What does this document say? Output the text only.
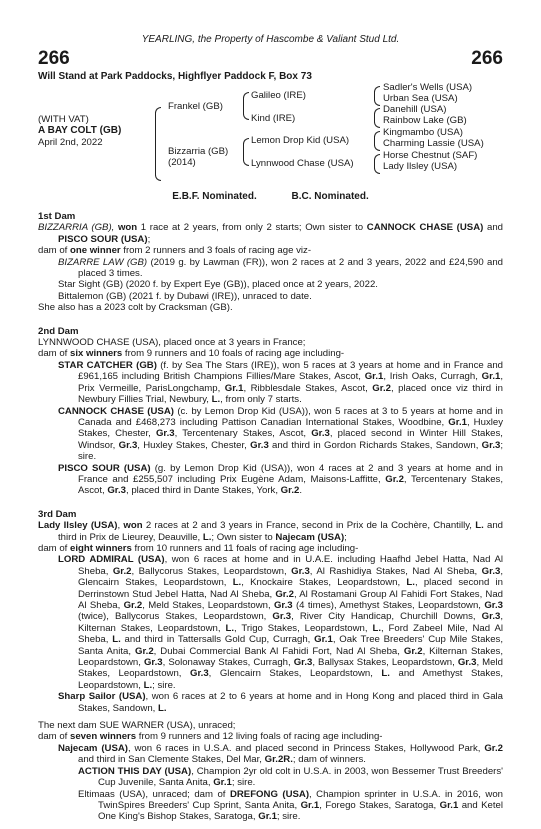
YEARLING, the Property of Hascombe & Valiant Stud Ltd.
266	266
Will Stand at Park Paddocks, Highflyer Paddock F, Box 73
(WITH VAT)
A BAY COLT (GB)
April 2nd, 2022
Frankel (GB)
Bizzarria (GB)
(2014)
Galileo (IRE)
Kind (IRE)
Lemon Drop Kid (USA)
Lynnwood Chase (USA)
Sadler's Wells (USA)
Urban Sea (USA)
Danehill (USA)
Rainbow Lake (GB)
Kingmambo (USA)
Charming Lassie (USA)
Horse Chestnut (SAF)
Lady Ilsley (USA)
E.B.F. Nominated.	B.C. Nominated.
1st Dam
BIZZARRIA (GB), won 1 race at 2 years, from only 2 starts; Own sister to CANNOCK CHASE (USA) and PISCO SOUR (USA);
dam of one winner from 2 runners and 3 foals of racing age viz-
BIZARRE LAW (GB) (2019 g. by Lawman (FR)), won 2 races at 2 and 3 years, 2022 and £24,590 and placed 3 times.
Star Sight (GB) (2020 f. by Expert Eye (GB)), placed once at 2 years, 2022.
Bittalemon (GB) (2021 f. by Dubawi (IRE)), unraced to date.
She also has a 2023 colt by Cracksman (GB).
2nd Dam
LYNNWOOD CHASE (USA), placed once at 3 years in France;
dam of six winners from 9 runners and 10 foals of racing age including-
STAR CATCHER (GB) (f. by Sea The Stars (IRE)), won 5 races at 3 years at home and in France and £961,165 including British Champions Fillies/Mare Stakes, Ascot, Gr.1, Irish Oaks, Curragh, Gr.1, Prix Vermeille, ParisLongchamp, Gr.1, Ribblesdale Stakes, Ascot, Gr.2, placed once viz third in Newbury Fillies Trial, Newbury, L., from only 7 starts.
CANNOCK CHASE (USA) (c. by Lemon Drop Kid (USA)), won 5 races at 3 to 5 years at home and in Canada and £468,273 including Pattison Canadian International Stakes, Woodbine, Gr.1, Huxley Stakes, Chester, Gr.3, Tercentenary Stakes, Ascot, Gr.3, placed second in Winter Hill Stakes, Windsor, Gr.3, Huxley Stakes, Chester, Gr.3 and third in Gordon Richards Stakes, Sandown, Gr.3; sire.
PISCO SOUR (USA) (g. by Lemon Drop Kid (USA)), won 4 races at 2 and 3 years at home and in France and £255,507 including Prix Eugène Adam, Maisons-Laffitte, Gr.2, Tercentenary Stakes, Ascot, Gr.3, placed third in Dante Stakes, York, Gr.2.
3rd Dam
Lady Ilsley (USA), won 2 races at 2 and 3 years in France, second in Prix de la Cochère, Chantilly, L. and third in Prix de Lieurey, Deauville, L.; Own sister to Najecam (USA);
dam of eight winners from 10 runners and 11 foals of racing age including-
LORD ADMIRAL (USA), won 6 races at home and in U.A.E. including Haafhd Jebel Hatta, Nad Al Sheba, Gr.2, Ballycorus Stakes, Leopardstown, Gr.3, Al Rashidiya Stakes, Nad Al Sheba, Gr.3, Glencairn Stakes, Leopardstown, L., Knockaire Stakes, Leopardstown, L., placed second in Derrinstown Stud Jebel Hatta, Nad Al Sheba, Gr.2, Al Rostamani Group Al Fahidi Fort Stakes, Nad Al Sheba, Gr.2, Meld Stakes, Leopardstown, Gr.3 (4 times), Amethyst Stakes, Leopardstown, Gr.3 (twice), Ballycorus Stakes, Leopardstown, Gr.3, River City Handicap, Churchill Downs, Gr.3, Kilternan Stakes, Leopardstown, L., Trigo Stakes, Leopardstown, L., Ford Zabeel Mile, Nad Al Sheba, L. and third in Tattersalls Gold Cup, Curragh, Gr.1, Oak Tree Breeders' Cup Mile Stakes, Santa Anita, Gr.2, Dubai Commercial Bank Al Fahidi Fort, Nad Al Sheba, Gr.2, Kilternan Stakes, Leopardstown, Gr.3, Solonaway Stakes, Curragh, Gr.3, Ballysax Stakes, Leopardstown, Gr.3, Meld Stakes, Leopardstown, Gr.3, Glencairn Stakes, Leopardstown, L. and Amethyst Stakes, Leopardstown, L.; sire.
Sharp Sailor (USA), won 6 races at 2 to 6 years at home and in Hong Kong and placed third in Gala Stakes, Sandown, L.
The next dam SUE WARNER (USA), unraced;
dam of seven winners from 9 runners and 12 living foals of racing age including-
Najecam (USA), won 6 races in U.S.A. and placed second in Princess Stakes, Hollywood Park, Gr.2 and third in San Clemente Stakes, Del Mar, Gr.2R.; dam of winners.
ACTION THIS DAY (USA), Champion 2yr old colt in U.S.A. in 2003, won Bessemer Trust Breeders' Cup Juvenile, Santa Anita, Gr.1; sire.
Eltimaas (USA), unraced; dam of DREFONG (USA), Champion sprinter in U.S.A. in 2016, won TwinSpires Breeders' Cup Sprint, Santa Anita, Gr.1, Forego Stakes, Saratoga, Gr.1 and Ketel One King's Bishop Stakes, Saratoga, Gr.1; sire.
